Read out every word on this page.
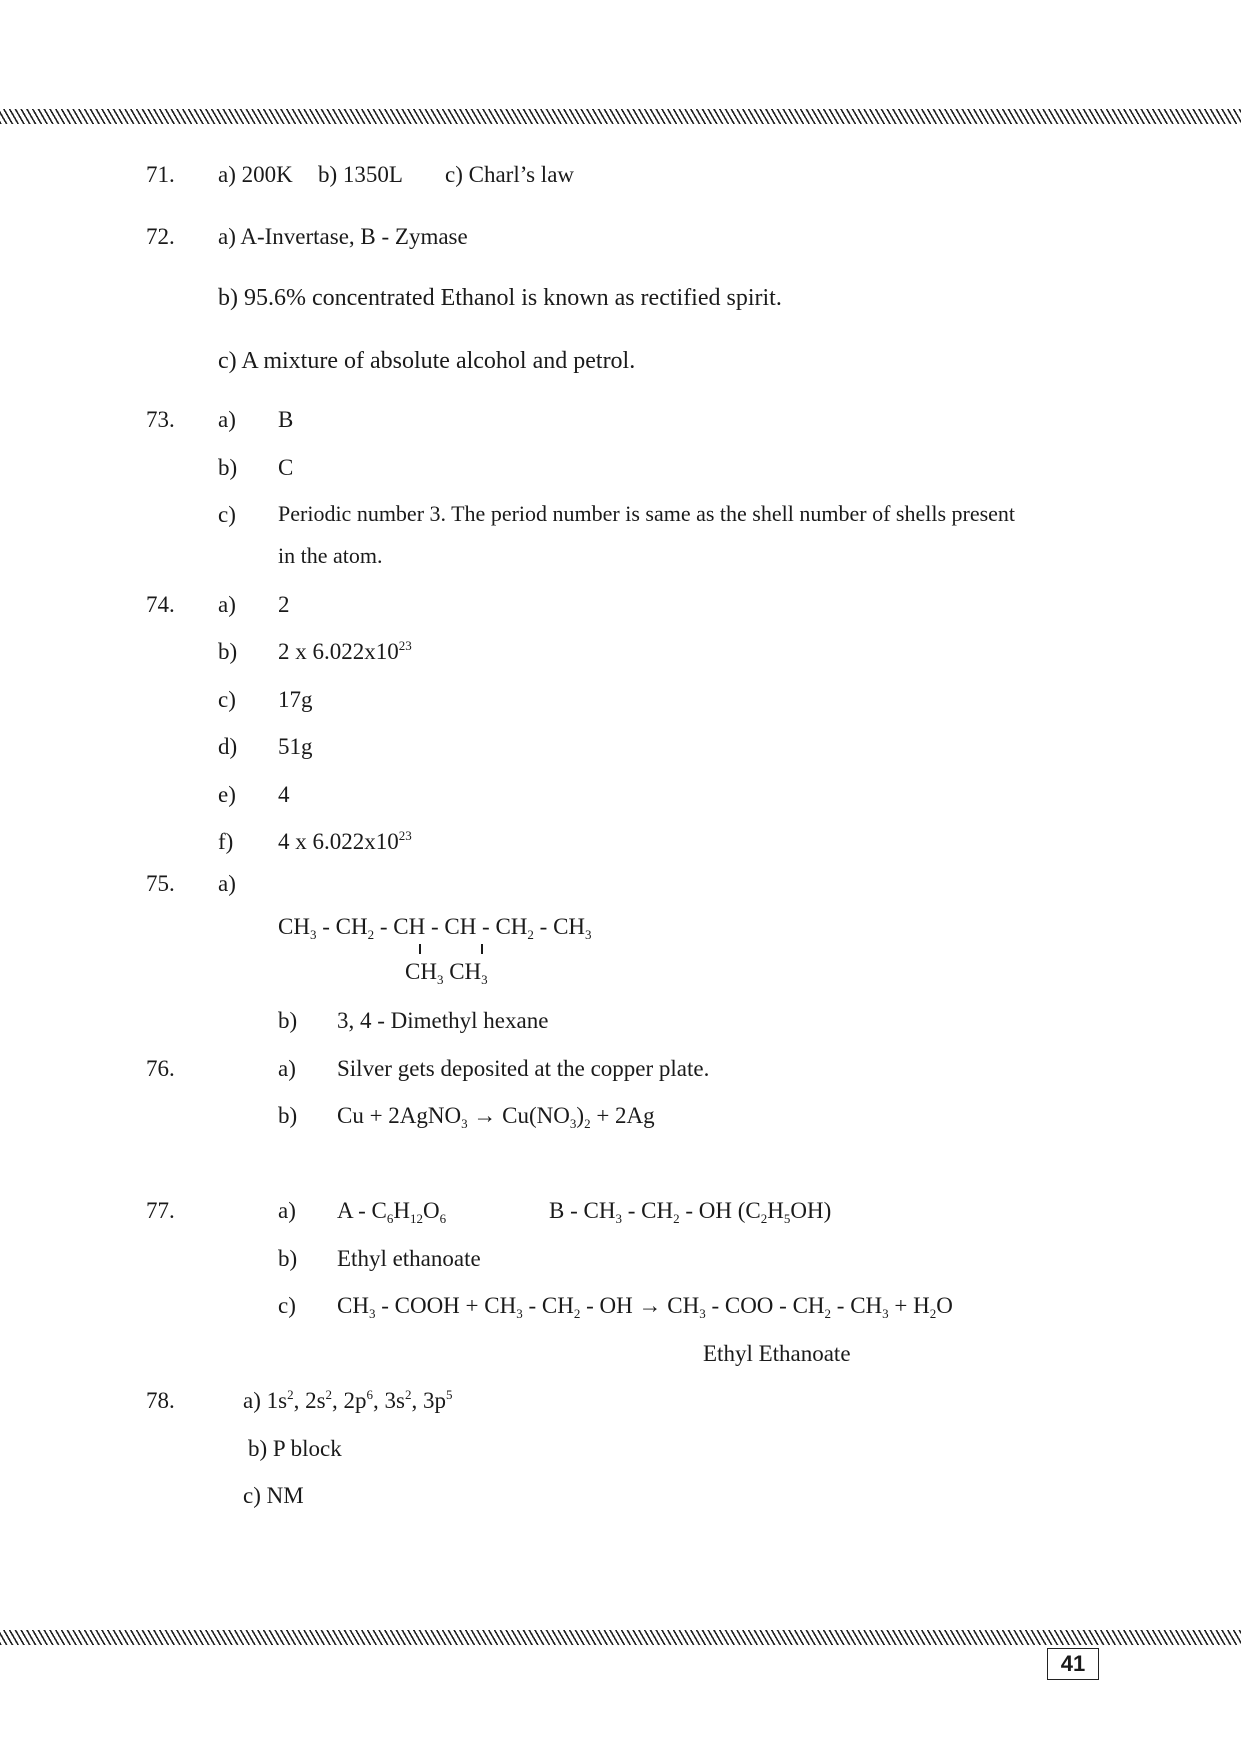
41
71. a) 200K b) 1350L c) Charl’s law
72. a) A-Invertase, B - Zymase
b) 95.6% concentrated Ethanol is known as rectified spirit.
c) A mixture of absolute alcohol and petrol.
73. a) B
b) C
c) Periodic number 3. The period number is same as the shell number of shells present
in the atom.
74. a) 2
b) 2 x $6.022x10^{23}$
c) 17g
d) 51g
e) 4
f) 4 x $6.022x10^{23}$
75. a)
$CH_3 - CH_2$ - CH - CH - $CH_2 - CH_3$
$CH_3$ $CH_3$
b) 3, 4 - Dimethyl hexane
76.	a) Silver gets deposited at the copper plate.
b) Cu + 2AgNO$_3$ → $Cu(NO_3)_2 + 2Ag$
77.	a) A - $C_6H_{12}O_6$	B - $CH_3 - CH_2$ - OH $(C_2H_5OH)$
b) Ethyl ethanoate
c) $CH_3$ - COOH + $CH_3 - CH_2$ - OH → $CH_3$ - COO - $CH_2 - CH_3 + H_2O$
Ethyl Ethanoate
78.	a) $1s^2$, $2s^2$, $2p^6$, $3s^2$, $3p^5$
b) P block
c) NM
